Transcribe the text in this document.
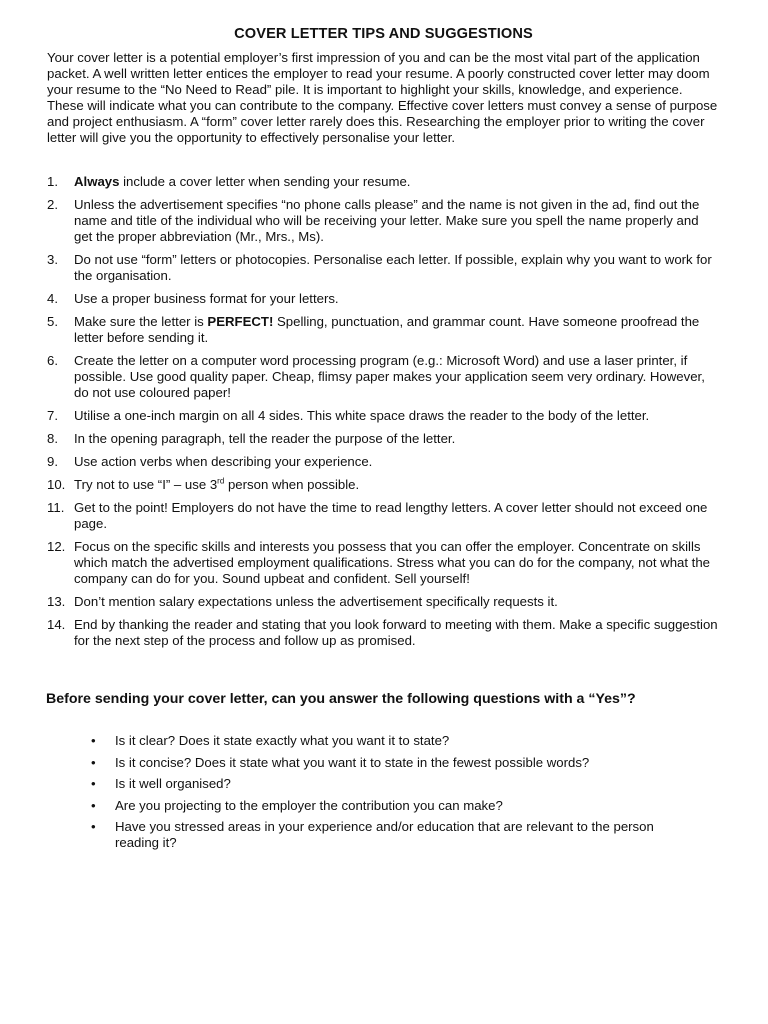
COVER LETTER TIPS AND SUGGESTIONS

Your cover letter is a potential employer’s first impression of you and can be the most vital part of the application packet. A well written letter entices the employer to read your resume. A poorly constructed cover letter may doom your resume to the “No Need to Read” pile. It is important to highlight your skills, knowledge, and experience. These will indicate what you can contribute to the company. Effective cover letters must convey a sense of purpose and project enthusiasm. A “form” cover letter rarely does this. Researching the employer prior to writing the cover letter will give you the opportunity to effectively personalise your letter.

1.	Always include a cover letter when sending your resume.
2.	Unless the advertisement specifies “no phone calls please” and the name is not given in the ad, find out the name and title of the individual who will be receiving your letter. Make sure you spell the name properly and get the proper abbreviation (Mr., Mrs., Ms).
3.	Do not use “form” letters or photocopies. Personalise each letter. If possible, explain why you want to work for the organisation.
4.	Use a proper business format for your letters.
5.	Make sure the letter is PERFECT! Spelling, punctuation, and grammar count. Have someone proofread the letter before sending it.
6.	Create the letter on a computer word processing program (e.g.: Microsoft Word) and use a laser printer, if possible. Use good quality paper. Cheap, flimsy paper makes your application seem very ordinary. However, do not use coloured paper!
7.	Utilise a one-inch margin on all 4 sides. This white space draws the reader to the body of the letter.
8.	In the opening paragraph, tell the reader the purpose of the letter.
9.	Use action verbs when describing your experience.
10. Try not to use “I” – use 3rd person when possible.
11. Get to the point! Employers do not have the time to read lengthy letters. A cover letter should not exceed one page.
12. Focus on the specific skills and interests you possess that you can offer the employer. Concentrate on skills which match the advertised employment qualifications. Stress what you can do for the company, not what the company can do for you. Sound upbeat and confident. Sell yourself!
13. Don’t mention salary expectations unless the advertisement specifically requests it.
14. End by thanking the reader and stating that you look forward to meeting with them. Make a specific suggestion for the next step of the process and follow up as promised.
Before sending your cover letter, can you answer the following questions with a “Yes”?
•	Is it clear? Does it state exactly what you want it to state?
•	Is it concise? Does it state what you want it to state in the fewest possible words?
•	Is it well organised?
•	Are you projecting to the employer the contribution you can make?
•	Have you stressed areas in your experience and/or education that are relevant to the person reading it?
